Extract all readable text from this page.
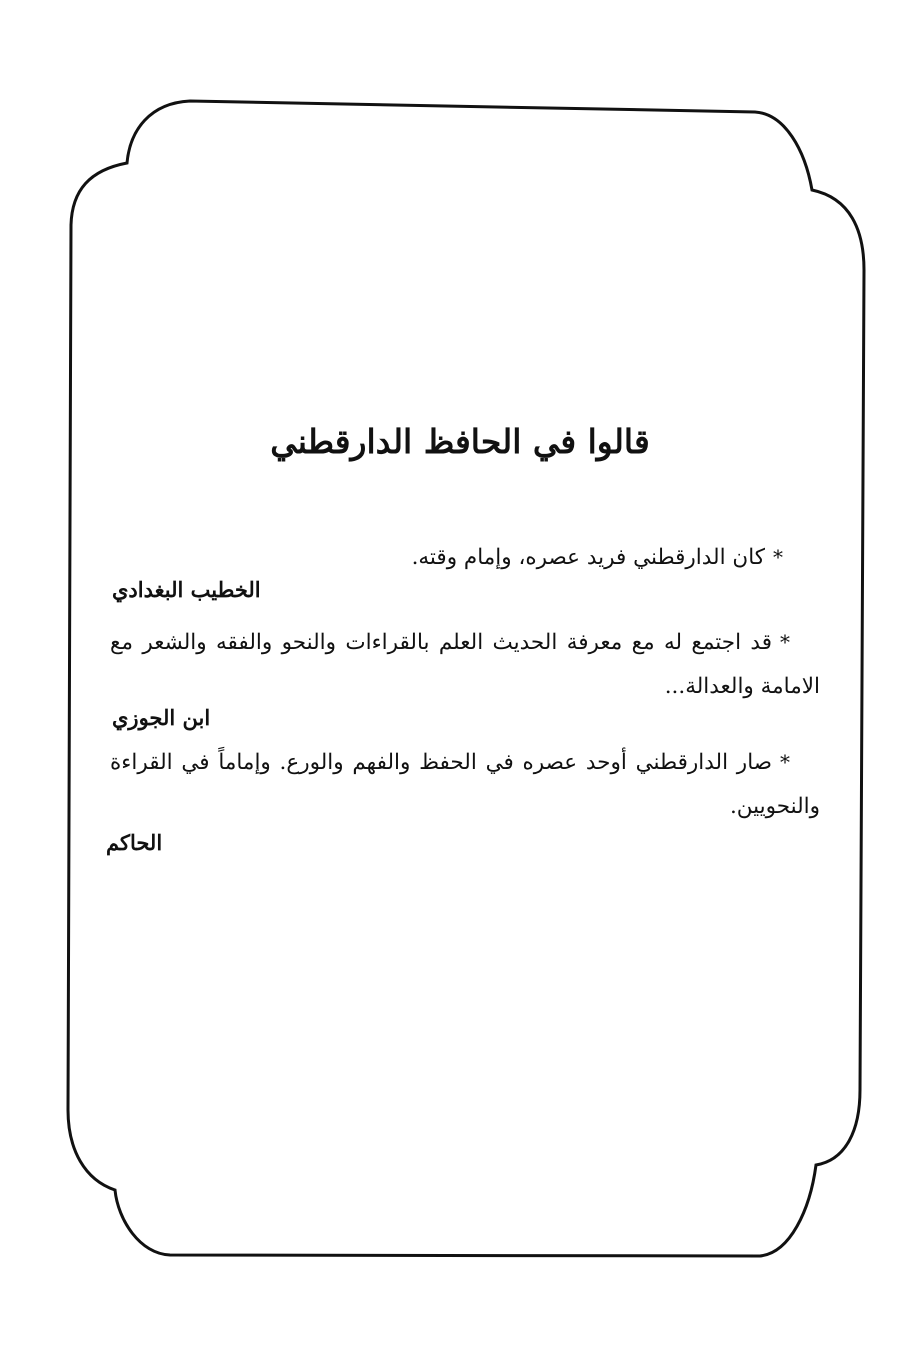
قالوا في الحافظ الدارقطني

*كان الدارقطني فريد عصره، وإمام وقته.

الخطيب البغدادي

*قد اجتمع له مع معرفة الحديث العلم بالقراءات والنحو والفقه والشعر مع الامامة والعدالة...

ابن الجوزي

*صار الدارقطني أوحد عصره في الحفظ والفهم والورع. وإماماً في القراءة والنحويين.

الحاكم
